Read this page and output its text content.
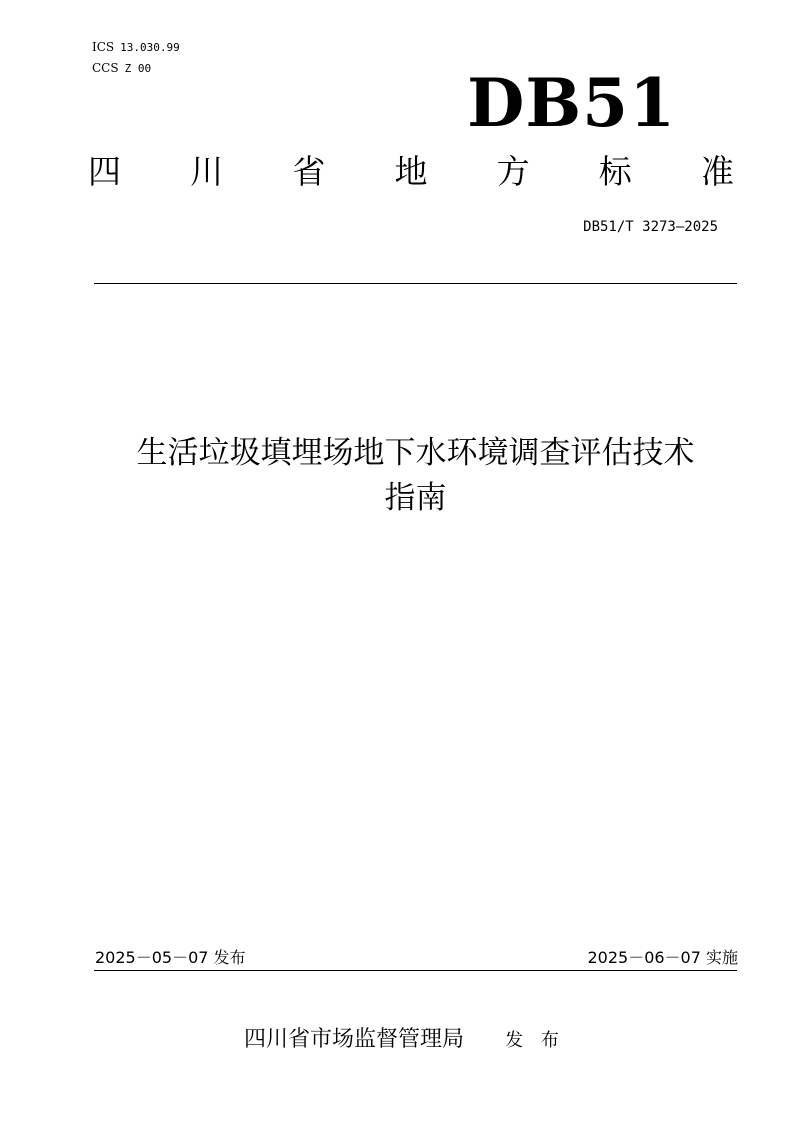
ICS 13.030.99
CCS Z 00	DB51
四 川 省 地 方 标 准
DB51/T 3273—2025
生活垃圾填埋场地下水环境调查评估技术
指南
2025－05－07 发布	2025－06－07 实施
四川省市场监督管理局 发 布
